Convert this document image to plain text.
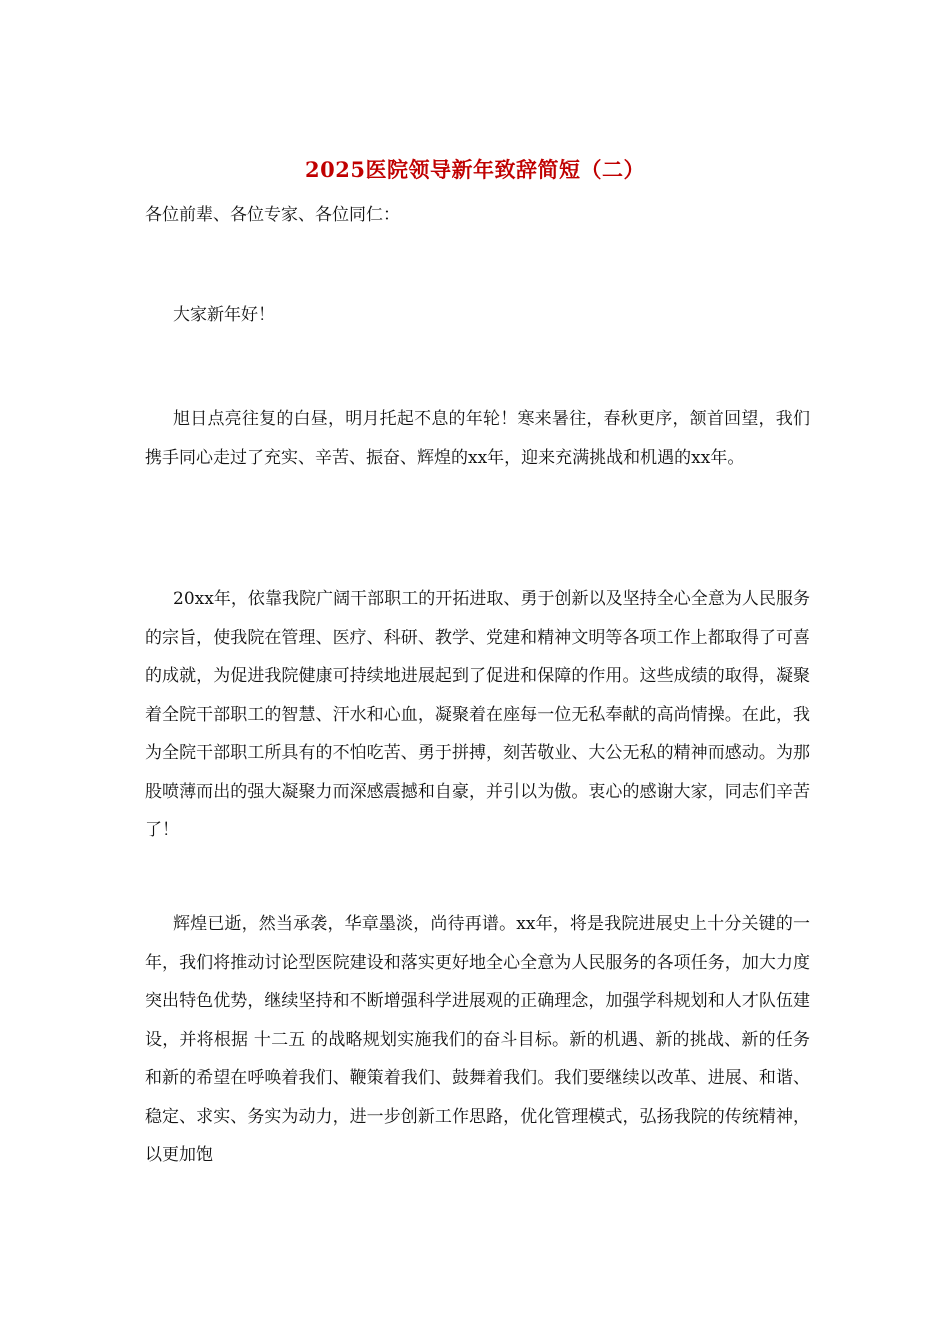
2025医院领导新年致辞简短（二）

各位前辈、各位专家、各位同仁：

大家新年好！

旭日点亮往复的白昼，明月托起不息的年轮！寒来暑往，春秋更序，颔首回望，我们携手同心走过了充实、辛苦、振奋、辉煌的xx年，迎来充满挑战和机遇的xx年。

20xx年，依靠我院广阔干部职工的开拓进取、勇于创新以及坚持全心全意为人民服务的宗旨，使我院在管理、医疗、科研、教学、党建和精神文明等各项工作上都取得了可喜的成就，为促进我院健康可持续地进展起到了促进和保障的作用。这些成绩的取得，凝聚着全院干部职工的智慧、汗水和心血，凝聚着在座每一位无私奉献的高尚情操。在此，我为全院干部职工所具有的不怕吃苦、勇于拼搏，刻苦敬业、大公无私的精神而感动。为那股喷薄而出的强大凝聚力而深感震撼和自豪，并引以为傲。衷心的感谢大家，同志们辛苦了！

辉煌已逝，然当承袭，华章墨淡，尚待再谱。xx年，将是我院进展史上十分关键的一年，我们将推动讨论型医院建设和落实更好地全心全意为人民服务的各项任务，加大力度突出特色优势，继续坚持和不断增强科学进展观的正确理念，加强学科规划和人才队伍建设，并将根据 十二五 的战略规划实施我们的奋斗目标。新的机遇、新的挑战、新的任务和新的希望在呼唤着我们、鞭策着我们、鼓舞着我们。我们要继续以改革、进展、和谐、稳定、求实、务实为动力，进一步创新工作思路，优化管理模式，弘扬我院的传统精神，以更加饱
